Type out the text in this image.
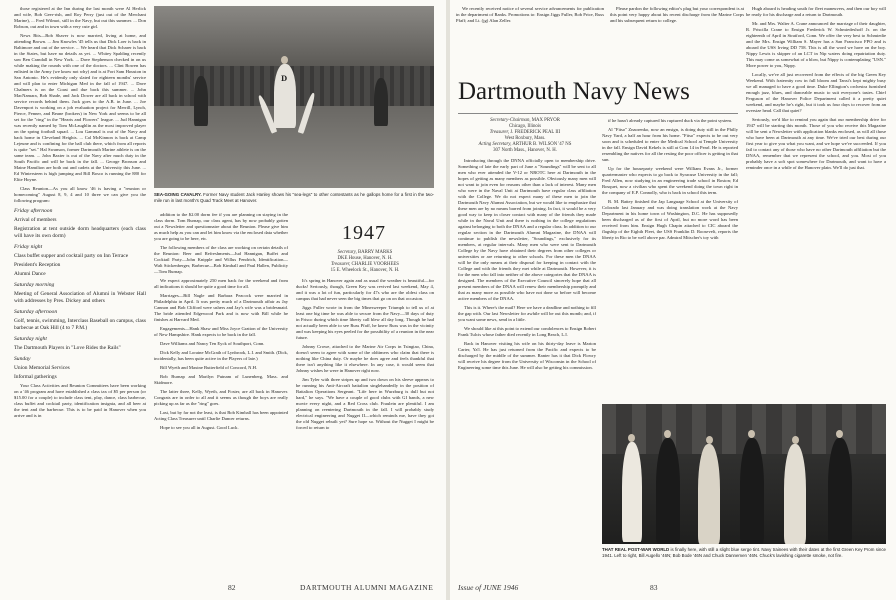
those registered at the Inn during the last month were Al Herlick and wife, Bob Geer-rish, and Roy Perry (just out of the Merchant Marine), ... Fred Wilmot, still in the Navy, but out this summer. ... Don Robson, out and in town with a very cute girl.

News Bits—Bob Shaver is now married, living at home, and attending Brown. ... Jim Knowles '45 tells us that Dick Loer is back in Baltimore and out of the service. ... We heard that Dick Scharer is back in the States, but have no details as yet. ... Whitey Spalding recently saw Ben Crandall in New York. ... Dave Stephenson checked in on us while making the rounds with one of the doctors. ... Clint Bowen has enlisted in the Army (we know not why) and is at Fort Sam Houston in San Antonio. He's evidently only slated for eighteen months' service and will plan to enter Michigan Med in the fall of 1947. ... Dave Chalmers is on the Coast and due back this summer. ... John MacNamara, Bob Shade, and Jack Dower are all back in school with service records behind them. Jack goes to the A.B. in June. ... Joe Davenport is working on a job evaluation project for Merrill, Lynch, Pierce, Fenner, and Beane (brokers) in New York and seems to be all set for the "ring" in the "Hearts and Flowers" league. ... Jud Hannigan was recently named by Tom McLaughlin as the most improved player on the spring football squad. ... Lou Gammal is out of the Navy and back home in Cleveland Heights. ... Cal McKinnon is back at Camp Lejeune and is confining for the ball club there, which from all reports is quite "set." Hal Swanson, former Dartmouth Marine athlete is on the same team. ... John Baxter is out of the Navy after much duty in the South Pacific and will be back in the fall. ... George Bronson and Maine Hamilton are both out and cadets at the University this June. ... Ed Wintersteen is high jumping and Bill Bosco is running the 880 for Elite Hoyne.

Class Reunion—As you all know '46 is having a "reunion or homecoming" August 8, 9, 4 and 10 three we can give you the following program:

Friday afternoon

Arrival of members

Registration at tent outside dorm headquarters (each class will have its own dorm)

Friday night

Class buffet supper and cocktail party on Inn Terrace

President's Reception

Alumni Dance

Saturday morning

Meeting of General Association of Alumni in Webster Hall with addresses by Pres. Dickey and others

Saturday afternoon

Golf, tennis, swimming, Interclass Baseball on campus, class barbecue at Oak Hill (4 to 7 P.M.)

Saturday night

The Dartmouth Players in "Love Rides the Rails"

Sunday

Union Memorial Services

Informal gatherings

Your Class Activities and Reunion Committees have been working on a '46 program and have established a class tax of $5 per person (or $15.00 for a couple) to include class tent, play, dance, class barbecue, class buffet and cocktail party, identification insignia, and all beer at the tent and the barbecue. This is to be paid in Hanover when you arrive and is in

D
SEA-GOING CAVALRY. Former Navy student Jack Hanley shows his "sea-legs" to other contestants as he gallops home for a first in the two-mile run in last month's Quad Track Meet at Hanover.

addition to the $2.00 dorm fee if you are planning on staying in the class dorm. Tom Burnap, our class agent, has by now probably gotten out a Newsletter and questionnaire about the Reunion. Please give him as much help as you can and let him know via the enclosed data whether you are going to be here, etc.

The following members of the class are working on certain details of the Reunion: Beer and Refreshments—Jud Hannigan, Buffet and Cocktail Party—John Knipple and Willus Fendrich, Identification—Walt Stickenberger, Barbecue—Bob Kimball and Paul Hallen, Publicity—Tom Burnap.

We expect approximately 250 men back for the weekend and from all indications it should be quite a good time for all.

Marriages—Bill Nagle and Barbara Peacock were married in Philadelphia in April. It was pretty much of a Dartmouth affair as Jay Cannon and Bob Clifford were ushers and Jay's wife was a bridesmaid. The bride attended Edgewood Park and is now with Bill while he finishes at Harvard Med.

Engagements—Hank Shaw and Miss Joyce Gratton of the University of New Hampshire. Hank expects to be back in the fall.

Dave Williams and Nancy Ten Eyck of Southport, Conn.

Dick Kelly and Loraine McGrath of Lynbrook, L.I. and Smith. (Dick, incidentally, has been quite active in the Players of late.)

Bill Wyeth and Maxine Butterfield of Concord, N.H.

Bob Burnap and Marilyn Putnam of Lunenberg, Mass. and Skidmore.

The latter three, Kelly, Wyeth, and Foster, are all back in Hanover. Congrats are in order to all and it seems as though the boys are really picking up as far as the "ring" goes.

Last, but by far not the least, is that Bob Kimball has been appointed Acting Class Treasurer until Charlie Dancer returns.

Hope to see you all in August. Good Luck.

1947
Secretary, BARRY MARKS
DKE House, Hanover, N. H.
Treasurer, CHARLIE VOORHEES
15 E. Wheelock St., Hanover, N. H.

It's spring in Hanover again and as usual the weather is beautiful—for ducks! Seriously, though, Green Key was revived last weekend, May 4, and it was a lot of fun, particularly for 47s who are the oldest class on campus that had never seen the big times that go on on that occasion.

Jiggs Fuller wrote in from the Minesweeper Triumph to tell us of at least one big time he was able to secure from the Navy—30 days of duty in Frisco during which time liberty call blew all day long. Though he had not actually been able to see Russ Pfaff, he knew Russ was in the vicinity and was keeping his eyes peeled for the possibility of a reunion in the near future.

Johnny Crowe, attached to the Marine Air Corps in Tsingtao, China, doesn't seem to agree with some of the oldtimers who claim that there is nothing like China duty. Or maybe he does agree and feels thankful that there isn't anything like it elsewhere. In any case, it would seem that Johnny wishes he were in Hanover right now.

Jim Tyler with three stripes up and two down on his sleeve appears to be running his Anti-Aircraft battalion singlehandedly in the position of Battalion Operations Sergeant. "Life here in Wurzburg is dull but not hard," he says. "We have a couple of good clubs with GI bands, a new movie every night, and a Red Cross club. Fraulein are plentiful. I am planning on reentering Dartmouth in the fall. I will probably study electrical engineering and Nugget II—which reminds me, have they got the old Nugget rebuilt yet? Sure hope so. Without the Nugget I might be forced to return to

82	DARTMOUTH ALUMNI MAGAZINE

We recently received notice of several service advancements for publication in the department of Ranks. Promotions to: Ensign Jiggs Fuller, Bob Price, Russ Pfaff; and Lt. (jg) Alan Zeller.

Please pardon the following editor's plug but your correspondent is at this point very happy about his recent discharge from the Marine Corps and his subsequent return to college.

Dartmouth Navy News
Secretary-Chairman, MAX PRYOR
Chicago, Illinois
Treasurer, J. FREDERICK PEAL III
West Roxbury, Mass.
Acting Secretary, ARTHUR B. WILSON '47 NS
307 North Mass., Hanover, N. H.

Introducing through the DNNA officially open to membership drive. Something of late the early part of June a "Soundings" will be sent to all men who ever attended the V-12 or NROTC here at Dartmouth in the hopes of getting as many members as possible. Obviously many men will not want to join even for reasons other than a lack of interest. Many men who were in the Naval Unit at Dartmouth have regular class affiliation with the College. We do not expect many of these men to join the Dartmouth Navy Alumni Association, but we would like to emphasize that these men are by no means barred from joining. In fact, it would be a very good way to keep in closer contact with many of the friends they made while in the Naval Unit and there is nothing in the college regulations against belonging to both the DNAA and a regular class. In addition to our regular section in the Dartmouth Alumni Magazine, the DNAA will continue to publish the newsletter, "Soundings," exclusively for its members, at regular intervals. Many men who were sent to Dartmouth College by the Navy have obtained their degrees from other colleges or universities or are returning to other schools. For these men the DNAA will be the only means at their disposal for keeping in contact with the College and with the friends they met while at Dartmouth. However, it is for the men who fall into neither of the above categories that the DNAA is designed. The members of the Executive Council sincerely hope that all present members of the DNAA will renew their membership promptly and that as many more as possible who have not done so before will become active members of the DNAA.

This is it. Where's the mail? Here we have a deadline and nothing to fill the gap with. Our last Newsletter for awhile will be out this month; and, if you want some news, send in a little.

We should like at this point to extend our condolences to Ensign Robert Frank Tulcis whose father died recently in Long Beach, L.I.

Back in Hanover visiting his wife on his thirty-day leave is Marion Carter, Ya'l. He has just returned from the Pacific and expects to be discharged by the middle of the summer. Ranter has it that Dick Flowry will receive his degree from the University of Wisconsin in the School of Engineering some time this June. He will also be getting his commission.

if he hasn't already captured his ruptured duck via the point system.

Al "Fitso" Znaorenko, now an ensign, is doing duty still in the Philly Navy Yard, a half an hour from his home. "Fitso" expects to be out very soon and is scheduled to enter the Medical School at Temple University in the fall. Ensign David Kekels is still at Com 14 in Pearl. He is reported resembling the natives for all the resting the poor officer is getting in that sun.

Up for the houseparty weekend were William Evans Jr., former quartermaster who expects to go back to Syracuse University in the fall; Fred Allen, now studying in an engineering trade school in Boston; Ed Bosquet, now a civilian who spent the weekend doing the town right in the company of E.P. Connolly, who is back in school this term.

B. M. Battey finished the Jap Language School at the University of Colorado last January and was doing translation work at the Navy Department in his home town of Washington, D.C. He has supposedly been discharged as of the first of April, but no more word has been received from him. Ensign Hugh Chapin attached to CIC aboard the flagship of the Eighth Fleet, the USS Franklin D. Roosevelt, reports the liberty in Rio to be well above par. Admiral Mitscher's toy with

Hugh aboard is heading south for fleet maneuvers, and then our boy will be ready for his discharge and a return to Dartmouth.

Mr. and Mrs. Walter A. Crane announced the marriage of their daughter, R. Priscilla Crane to Ensign Frederick W. Schmiedeshoff Jr. on the eighteenth of April in Stratford, Conn. We offer the very best to Schmiedie and the Mrs. Ensign William S. Mayer has a San Francisco FPO and is aboard the USS Irving DD 758. This is all the word we have on the boy. Nippy Lewis is skipper of an LCT in Nip waters doing repatriation duty. This may come as somewhat of a blow, but Nippy is contemplating "USN." More power to you, Nippy.

Locally, we've all just recovered from the effects of the big Green Key Weekend. With fraternity row in full bloom and Tansi's kept mighty busy we all managed to have a good time. Duke Ellington's orchestra furnished enough jazz, blues, and danceable music to suit everyone's tastes. Chief Ferguson of the Hanover Police Department called it a pretty quiet weekend, and maybe he's right, but it took us four days to recover from an oversize head. Call that quiet?

Seriously, we'd like to remind you again that our membership drive for 1947 will be starting this month. Those of you who receive this Magazine will be sent a Newsletter with application blanks enclosed, as will all those who have been at Dartmouth at any time. We've tried our best during our first year to give you what you want, and we hope we've succeeded. If you fail to contact any of those who have no other Dartmouth affiliation but the DNAA, remember that we represent the school, and you. Most of you probably have a soft spot somewhere for Dartmouth, and want to have a reminder once in a while of the Hanover plain. We'll do just that.

THAT REAL POST-WAR WORLD is finally here, with still a slight blue serge tint. Navy trainees with their dates at the first Green Key Prom since 1941. Left to right, Bill Augello '46N; Bob Bode '46N and Chuck Dannemen '46N. Chuck's lavishing cigarette smoke, not fire.
Issue of JUNE 1946	83
